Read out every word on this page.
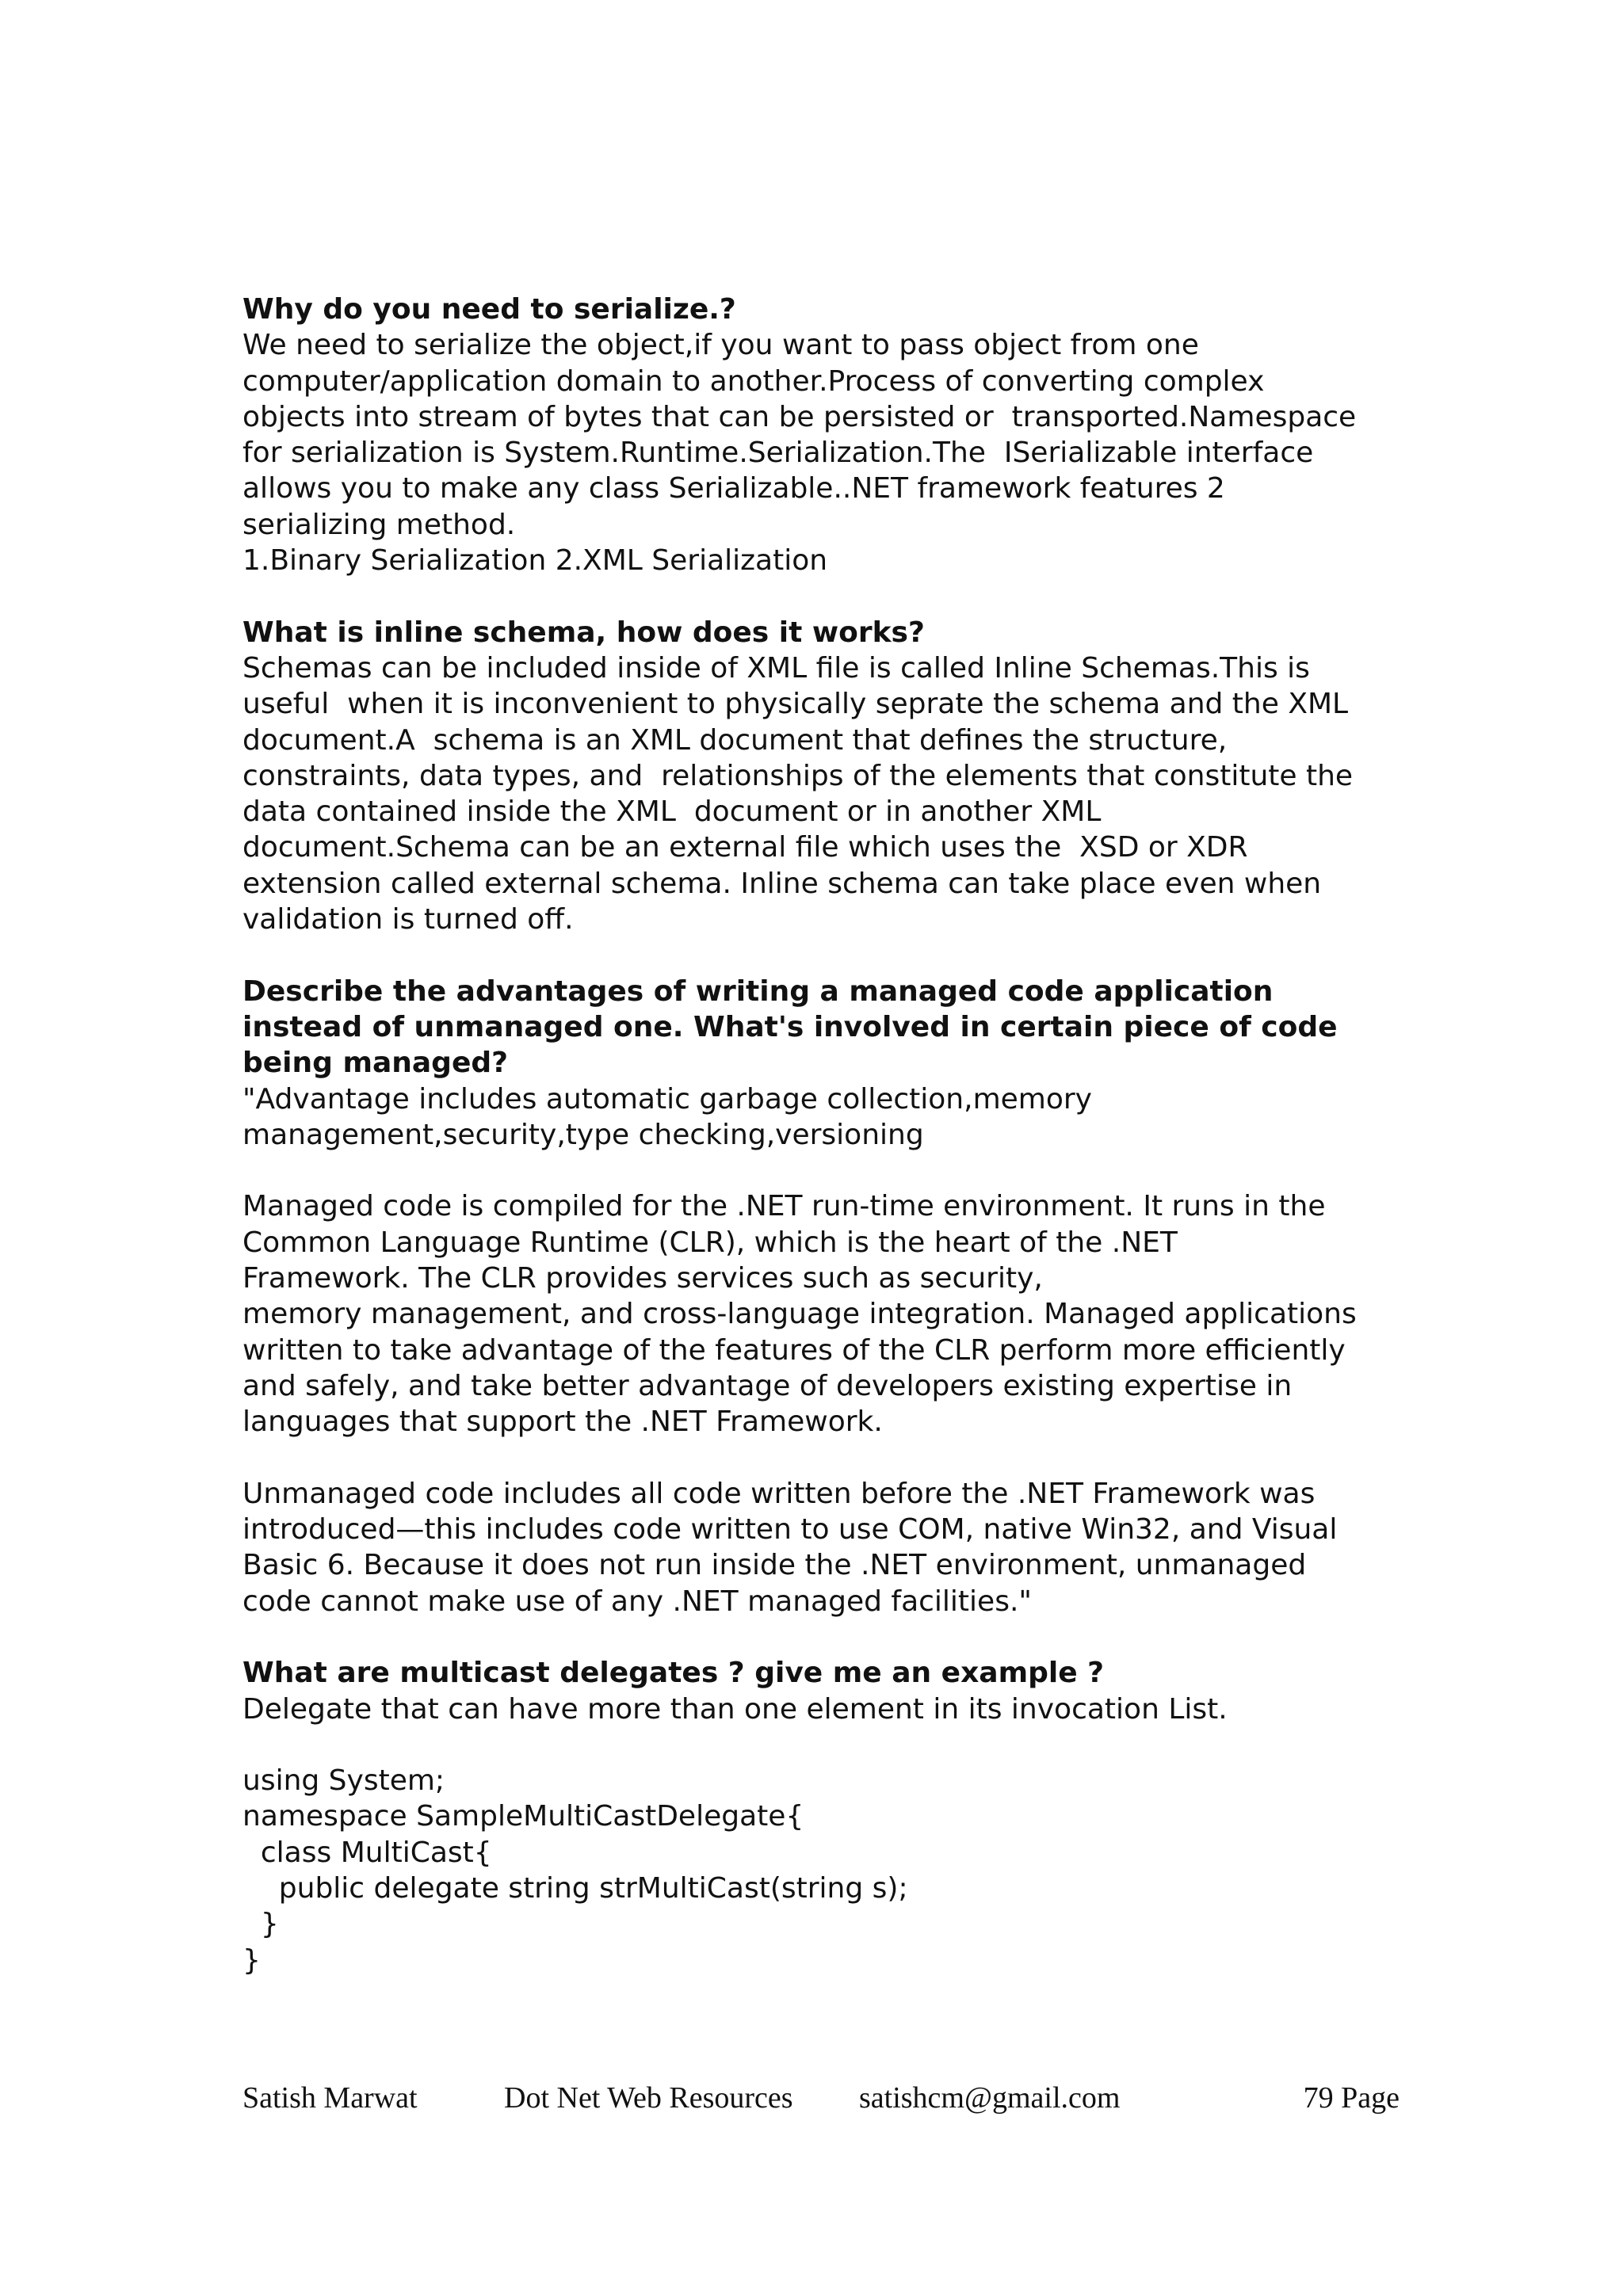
Why do you need to serialize.?

We need to serialize the object,if you want to pass object from one

computer/application domain to another.Process of converting complex

objects into stream of bytes that can be persisted or  transported.Namespace

for serialization is System.Runtime.Serialization.The  ISerializable interface

allows you to make any class Serializable..NET framework features 2

serializing method.

1.Binary Serialization 2.XML Serialization

What is inline schema, how does it works?

Schemas can be included inside of XML file is called Inline Schemas.This is

useful  when it is inconvenient to physically seprate the schema and the XML

document.A  schema is an XML document that defines the structure,

constraints, data types, and  relationships of the elements that constitute the

data contained inside the XML  document or in another XML

document.Schema can be an external file which uses the  XSD or XDR

extension called external schema. Inline schema can take place even when

validation is turned off.

Describe the advantages of writing a managed code application

instead of unmanaged one. What's involved in certain piece of code

being managed?

"Advantage includes automatic garbage collection,memory

management,security,type checking,versioning

Managed code is compiled for the .NET run-time environment. It runs in the

Common Language Runtime (CLR), which is the heart of the .NET

Framework. The CLR provides services such as security,

memory management, and cross-language integration. Managed applications

written to take advantage of the features of the CLR perform more efficiently

and safely, and take better advantage of developers existing expertise in

languages that support the .NET Framework.

Unmanaged code includes all code written before the .NET Framework was

introduced—this includes code written to use COM, native Win32, and Visual

Basic 6. Because it does not run inside the .NET environment, unmanaged

code cannot make use of any .NET managed facilities."

What are multicast delegates ? give me an example ?

Delegate that can have more than one element in its invocation List.

using System;

namespace SampleMultiCastDelegate{

class MultiCast{

public delegate string strMultiCast(string s);

}

}

Satish Marwat	Dot Net Web Resources satishcm@gmail.com	79 Page
